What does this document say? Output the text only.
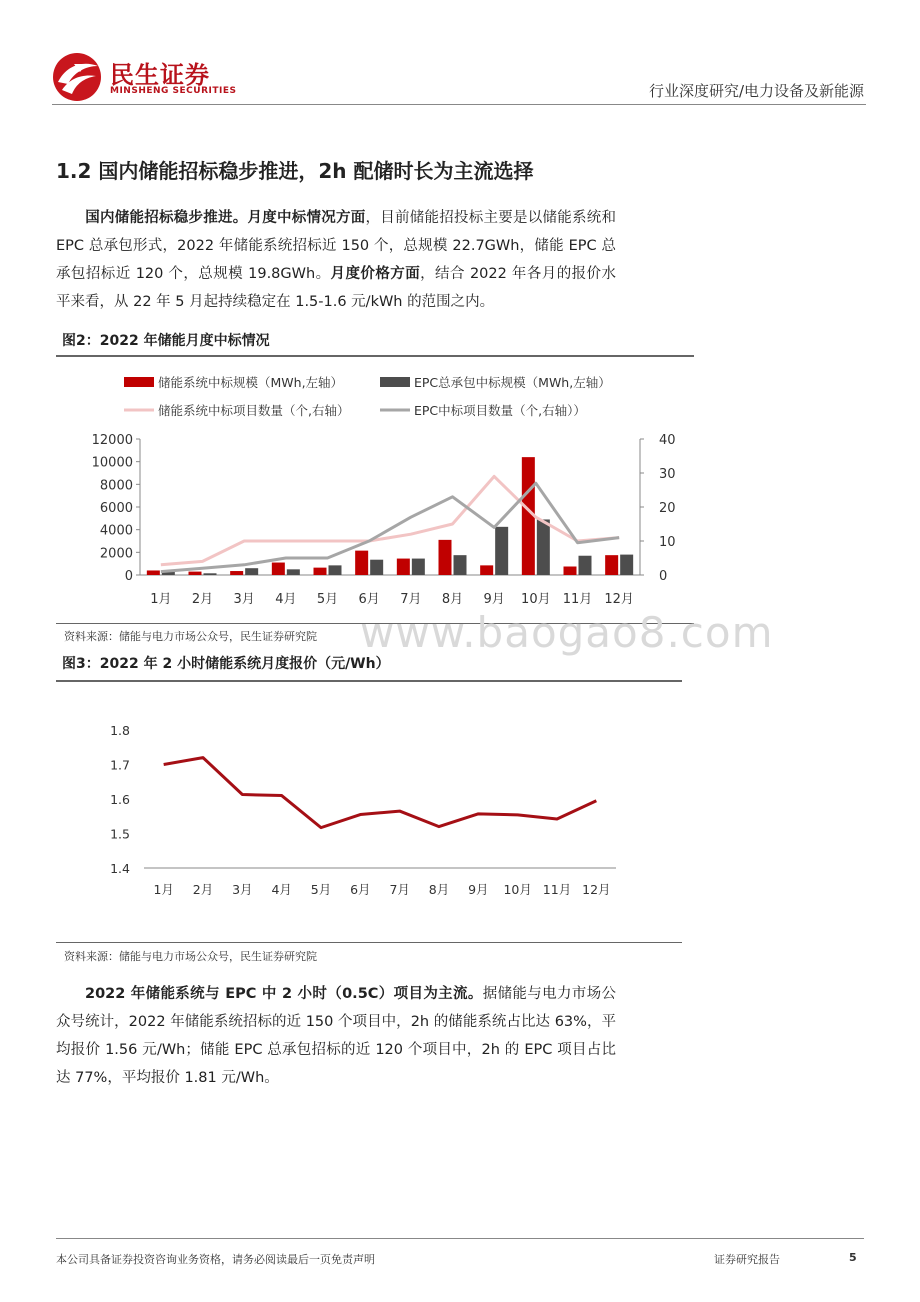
民生证券
MINSHENG SECURITIES	行业深度研究/电力设备及新能源
1.2 国内储能招标稳步推进，2h 配储时长为主流选择
国内储能招标稳步推进。月度中标情况方面，目前储能招投标主要是以储能系统和 EPC 总承包形式，2022 年储能系统招标近 150 个，总规模 22.7GWh，储能 EPC 总承包招标近 120 个，总规模 19.8GWh。月度价格方面，结合 2022 年各月的报价水平来看，从 22 年 5 月起持续稳定在 1.5-1.6 元/kWh 的范围之内。
图2：2022 年储能月度中标情况
储能系统中标规模（MWh,左轴）	EPC总承包中标规模（MWh,左轴）
储能系统中标项目数量（个,右轴）	EPC中标项目数量（个,右轴））
0
2000
4000
6000
8000
10000
12000
0
10
20
30
40
1月 2月 3月 4月 5月 6月 7月 8月 9月 10月 11月 12月
资料来源：储能与电力市场公众号，民生证券研究院 www.baogao8.com
图3：2022 年 2 小时储能系统月度报价（元/Wh）
1.4
1.5
1.6
1.7
1.8
1月 2月 3月 4月 5月 6月 7月 8月 9月 10月 11月 12月
资料来源：储能与电力市场公众号，民生证券研究院
2022 年储能系统与 EPC 中 2 小时（0.5C）项目为主流。据储能与电力市场公众号统计，2022 年储能系统招标的近 150 个项目中，2h 的储能系统占比达 63%，平均报价 1.56 元/Wh；储能 EPC 总承包招标的近 120 个项目中，2h 的 EPC 项目占比达 77%，平均报价 1.81 元/Wh。
本公司具备证券投资咨询业务资格，请务必阅读最后一页免责声明	证券研究报告	5
